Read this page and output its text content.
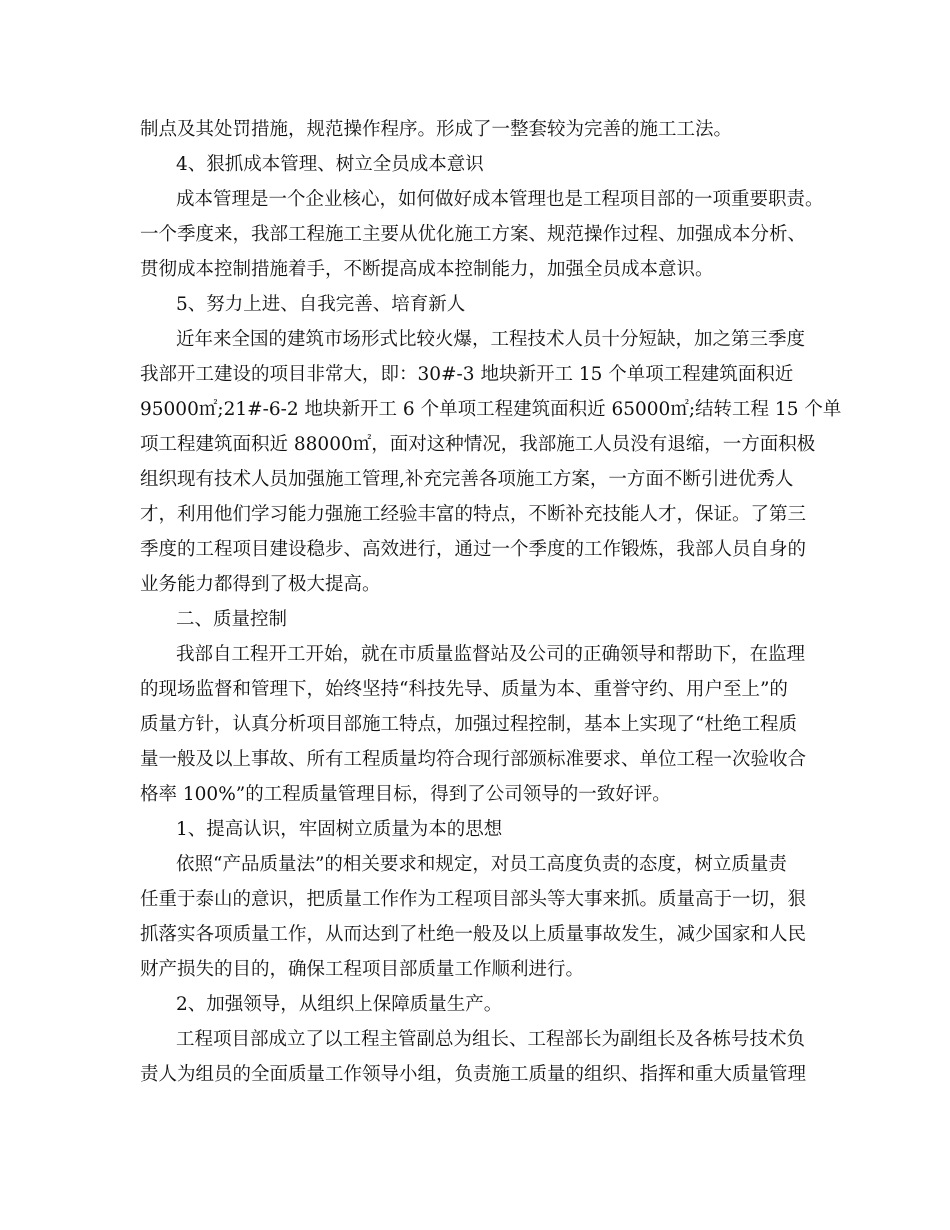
制点及其处罚措施，规范操作程序。形成了一整套较为完善的施工工法。
4、狠抓成本管理、树立全员成本意识
成本管理是一个企业核心，如何做好成本管理也是工程项目部的一项重要职责。
一个季度来，我部工程施工主要从优化施工方案、规范操作过程、加强成本分析、
贯彻成本控制措施着手，不断提高成本控制能力，加强全员成本意识。
5、努力上进、自我完善、培育新人
近年来全国的建筑市场形式比较火爆，工程技术人员十分短缺，加之第三季度
我部开工建设的项目非常大，即：30#-3 地块新开工 15 个单项工程建筑面积近
95000㎡;21#-6-2 地块新开工 6 个单项工程建筑面积近 65000㎡;结转工程 15 个单
项工程建筑面积近 88000㎡，面对这种情况，我部施工人员没有退缩，一方面积极
组织现有技术人员加强施工管理,补充完善各项施工方案，一方面不断引进优秀人
才，利用他们学习能力强施工经验丰富的特点，不断补充技能人才，保证。了第三
季度的工程项目建设稳步、高效进行，通过一个季度的工作锻炼，我部人员自身的
业务能力都得到了极大提高。
二、质量控制
我部自工程开工开始，就在市质量监督站及公司的正确领导和帮助下，在监理
的现场监督和管理下，始终坚持“科技先导、质量为本、重誉守约、用户至上”的
质量方针，认真分析项目部施工特点，加强过程控制，基本上实现了“杜绝工程质
量一般及以上事故、所有工程质量均符合现行部颁标准要求、单位工程一次验收合
格率 100%”的工程质量管理目标，得到了公司领导的一致好评。
1、提高认识，牢固树立质量为本的思想
依照“产品质量法”的相关要求和规定，对员工高度负责的态度，树立质量责
任重于泰山的意识，把质量工作作为工程项目部头等大事来抓。质量高于一切，狠
抓落实各项质量工作，从而达到了杜绝一般及以上质量事故发生，减少国家和人民
财产损失的目的，确保工程项目部质量工作顺利进行。
2、加强领导，从组织上保障质量生产。
工程项目部成立了以工程主管副总为组长、工程部长为副组长及各栋号技术负
责人为组员的全面质量工作领导小组，负责施工质量的组织、指挥和重大质量管理
